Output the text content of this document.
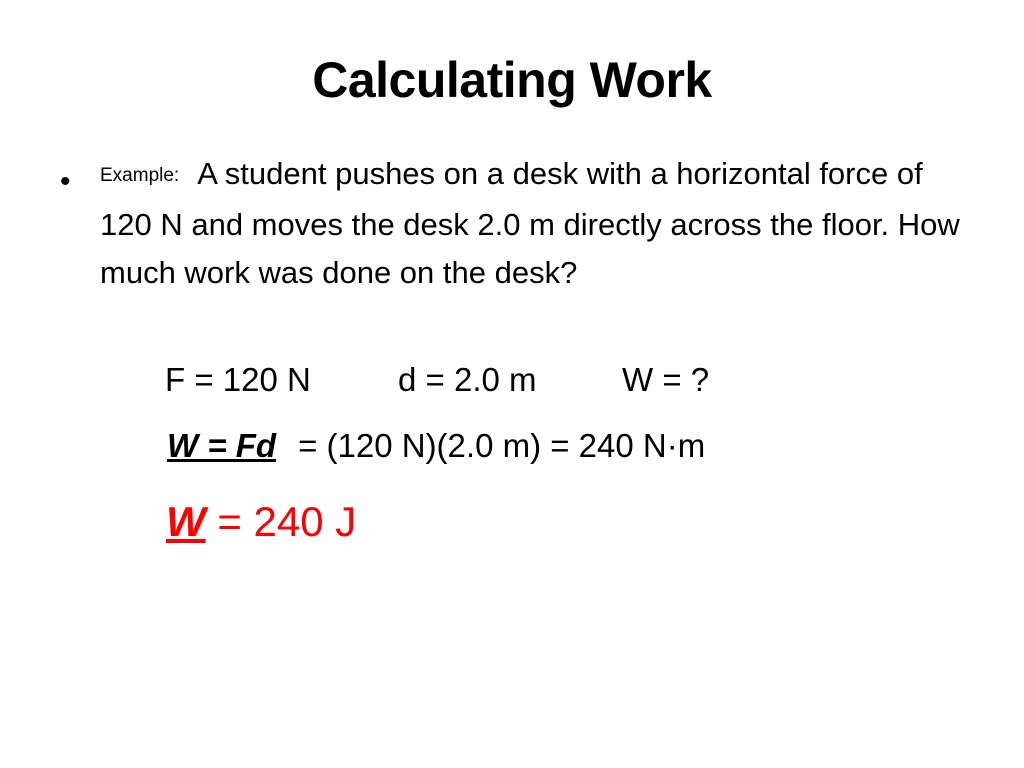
Calculating Work
• Example: A student pushes on a desk with a horizontal force of 120 N and moves the desk 2.0 m directly across the floor. How much work was done on the desk?
F = 120 N	d = 2.0 m	W = ?
W = Fd = (120 N)(2.0 m) = 240 N·m
W = 240 J
